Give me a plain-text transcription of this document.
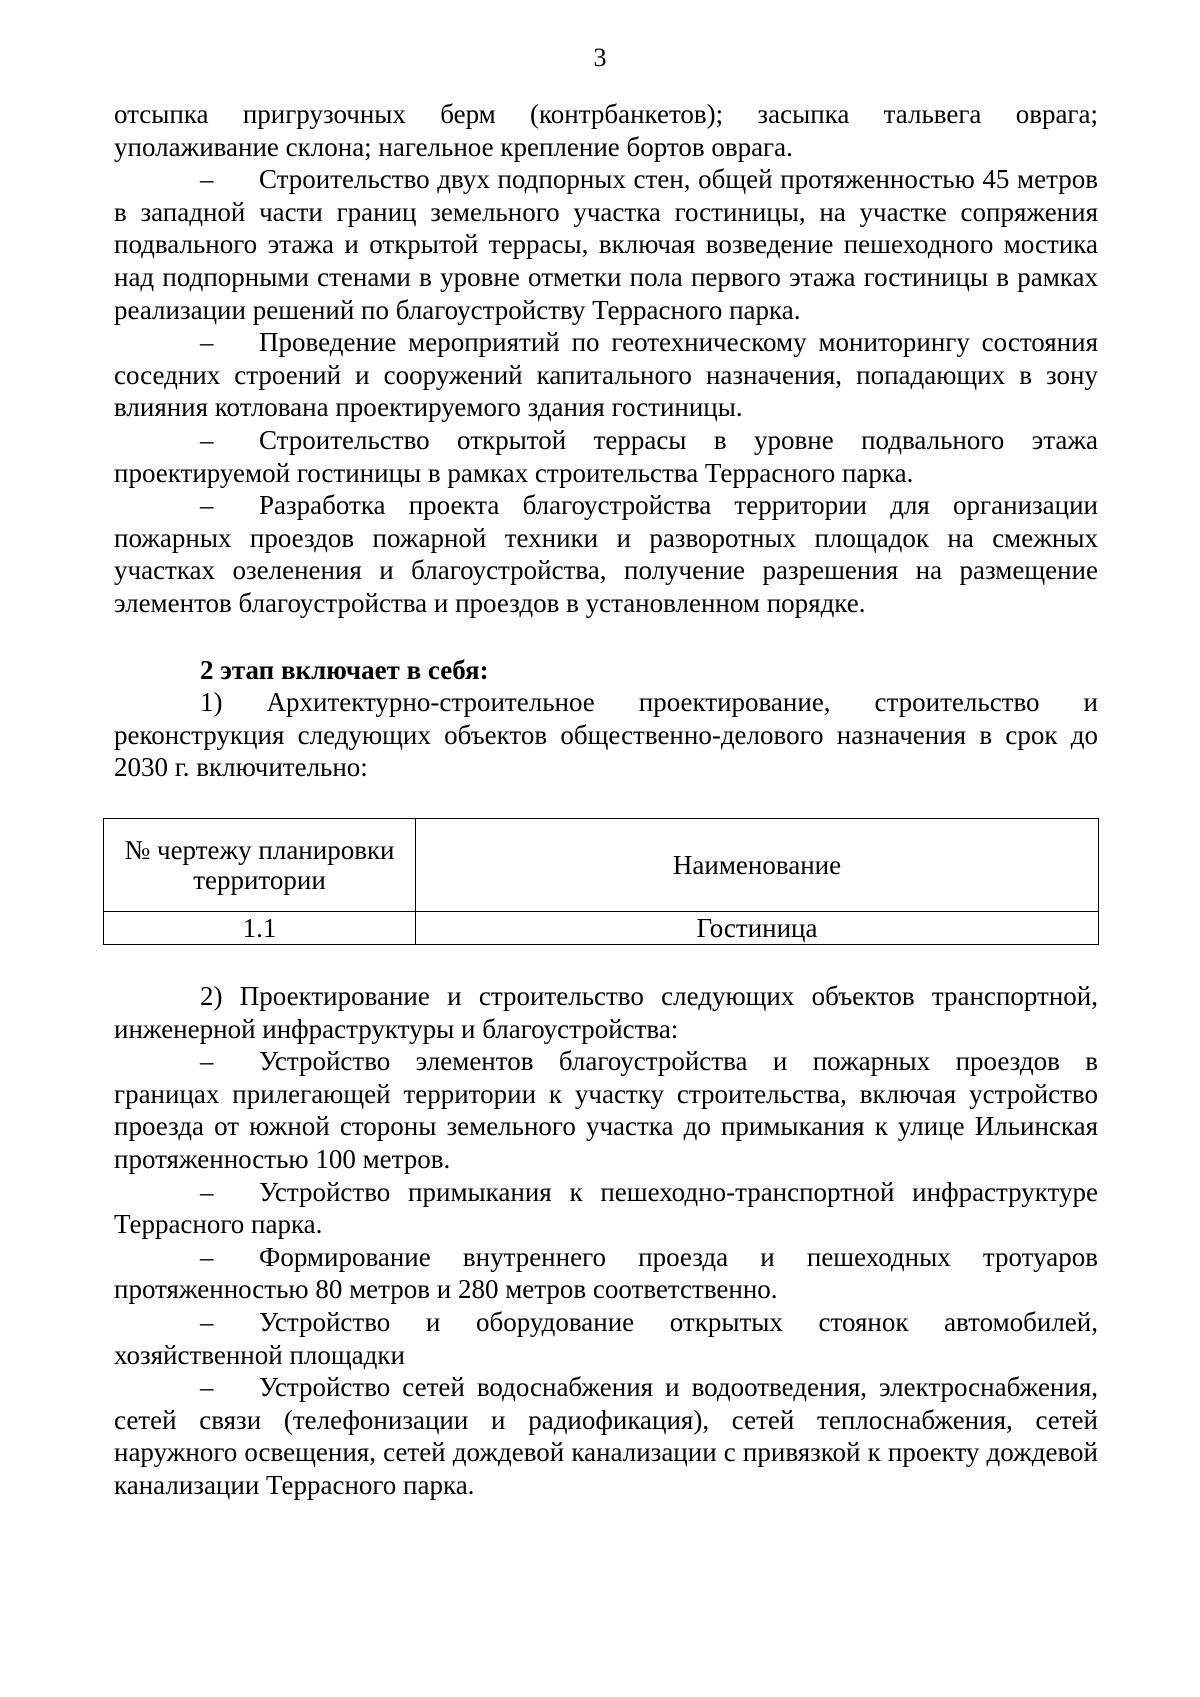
3

отсыпка пригрузочных берм (контрбанкетов); засыпка тальвега оврага; уполаживание склона; нагельное крепление бортов оврага.

– Строительство двух подпорных стен, общей протяженностью 45 метров в западной части границ земельного участка гостиницы, на участке сопряжения подвального этажа и открытой террасы, включая возведение пешеходного мостика над подпорными стенами в уровне отметки пола первого этажа гостиницы в рамках реализации решений по благоустройству Террасного парка.

– Проведение мероприятий по геотехническому мониторингу состояния соседних строений и сооружений капитального назначения, попадающих в зону влияния котлована проектируемого здания гостиницы.

– Строительство открытой террасы в уровне подвального этажа проектируемой гостиницы в рамках строительства Террасного парка.

– Разработка проекта благоустройства территории для организации пожарных проездов пожарной техники и разворотных площадок на смежных участках озеленения и благоустройства, получение разрешения на размещение элементов благоустройства и проездов в установленном порядке.

2 этап включает в себя:

1) Архитектурно-строительное проектирование, строительство и реконструкция следующих объектов общественно-делового назначения в срок до 2030 г. включительно:

№ чертежу планировки территории	Наименование
1.1	Гостиница

2) Проектирование и строительство следующих объектов транспортной, инженерной инфраструктуры и благоустройства:

– Устройство элементов благоустройства и пожарных проездов в границах прилегающей территории к участку строительства, включая устройство проезда от южной стороны земельного участка до примыкания к улице Ильинская протяженностью 100 метров.

– Устройство примыкания к пешеходно-транспортной инфраструктуре Террасного парка.

– Формирование внутреннего проезда и пешеходных тротуаров протяженностью 80 метров и 280 метров соответственно.

– Устройство и оборудование открытых стоянок автомобилей, хозяйственной площадки

– Устройство сетей водоснабжения и водоотведения, электроснабжения, сетей связи (телефонизации и радиофикация), сетей теплоснабжения, сетей наружного освещения, сетей дождевой канализации с привязкой к проекту дождевой канализации Террасного парка.
